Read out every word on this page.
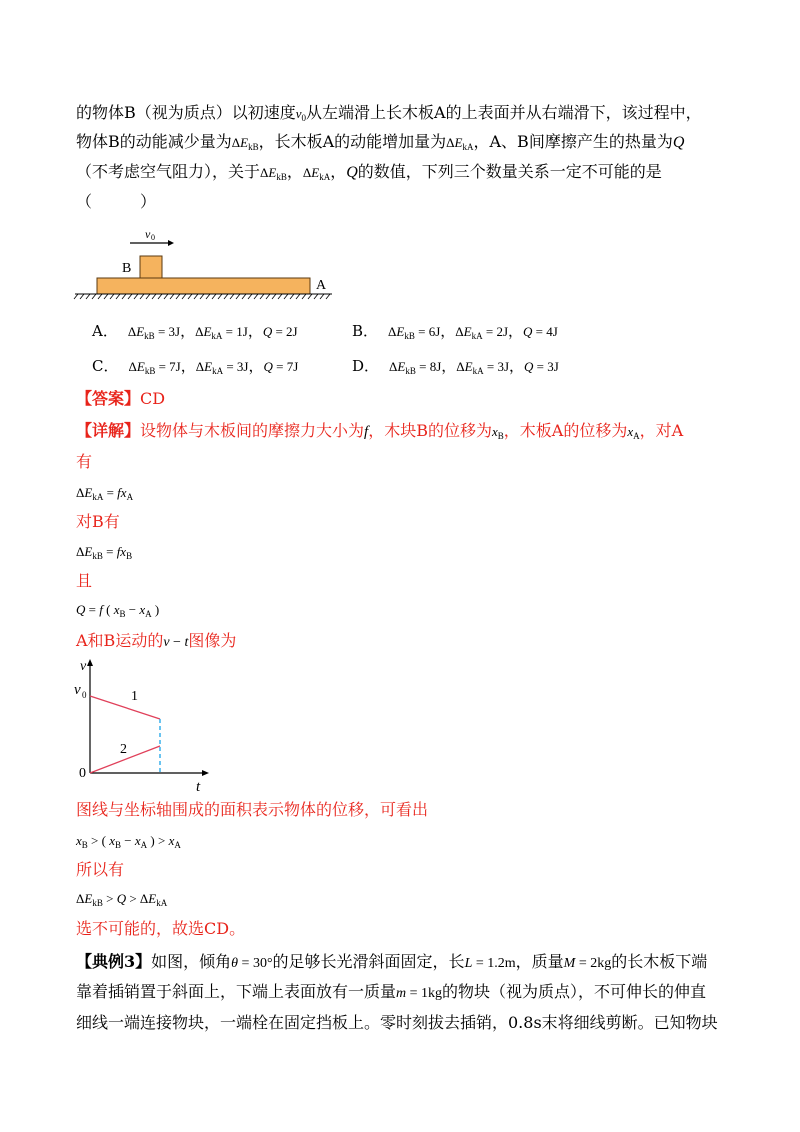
的物体B（视为质点）以初速度$v_0$从左端滑上长木板A的上表面并从右端滑下，该过程中，
物体B的动能减少量为$\Delta E_{kB}$，长木板A的动能增加量为$\Delta E_{kA}$，A、B间摩擦产生的热量为Q
（不考虑空气阻力），关于$\Delta E_{kB}$，$\Delta E_{kA}$，Q的数值，下列三个数量关系一定不可能的是
（　　　）
v 0
B
A
A． $\Delta E_{kB} = 3J$，$\Delta E_{kA} = 1J$，Q = 2J	B． $\Delta E_{kB} = 6J$，$\Delta E_{kA} = 2J$，Q = 4J
C． $\Delta E_{kB} = 7J$，$\Delta E_{kA} = 3J$，Q = 7J	D． $\Delta E_{kB} = 8J$，$\Delta E_{kA} = 3J$，Q = 3J
【答案】CD
【详解】设物体与木板间的摩擦力大小为f，木块B的位移为$x_B$，木板A的位移为$x_A$，对A
有
$\Delta E_{kA} = fx_A$
对B有
$\Delta E_{kB} = fx_B$
且
Q = f ( $x_B - x_A$ )
A和B运动的v − t图像为
v
t
v 0
0
1
2
图线与坐标轴围成的面积表示物体的位移，可看出
$x_B$ > ( $x_B - x_A$ ) > $x_A$
所以有
$\Delta E_{kB} > Q > \Delta E_{kA}$
选不可能的，故选CD。
【典例3】如图，倾角θ = 30°的足够长光滑斜面固定，长L = 1.2m，质量M = 2kg的长木板下端
靠着插销置于斜面上，下端上表面放有一质量m = 1kg的物块（视为质点），不可伸长的伸直
细线一端连接物块，一端栓在固定挡板上。零时刻拔去插销，0.8s末将细线剪断。已知物块
